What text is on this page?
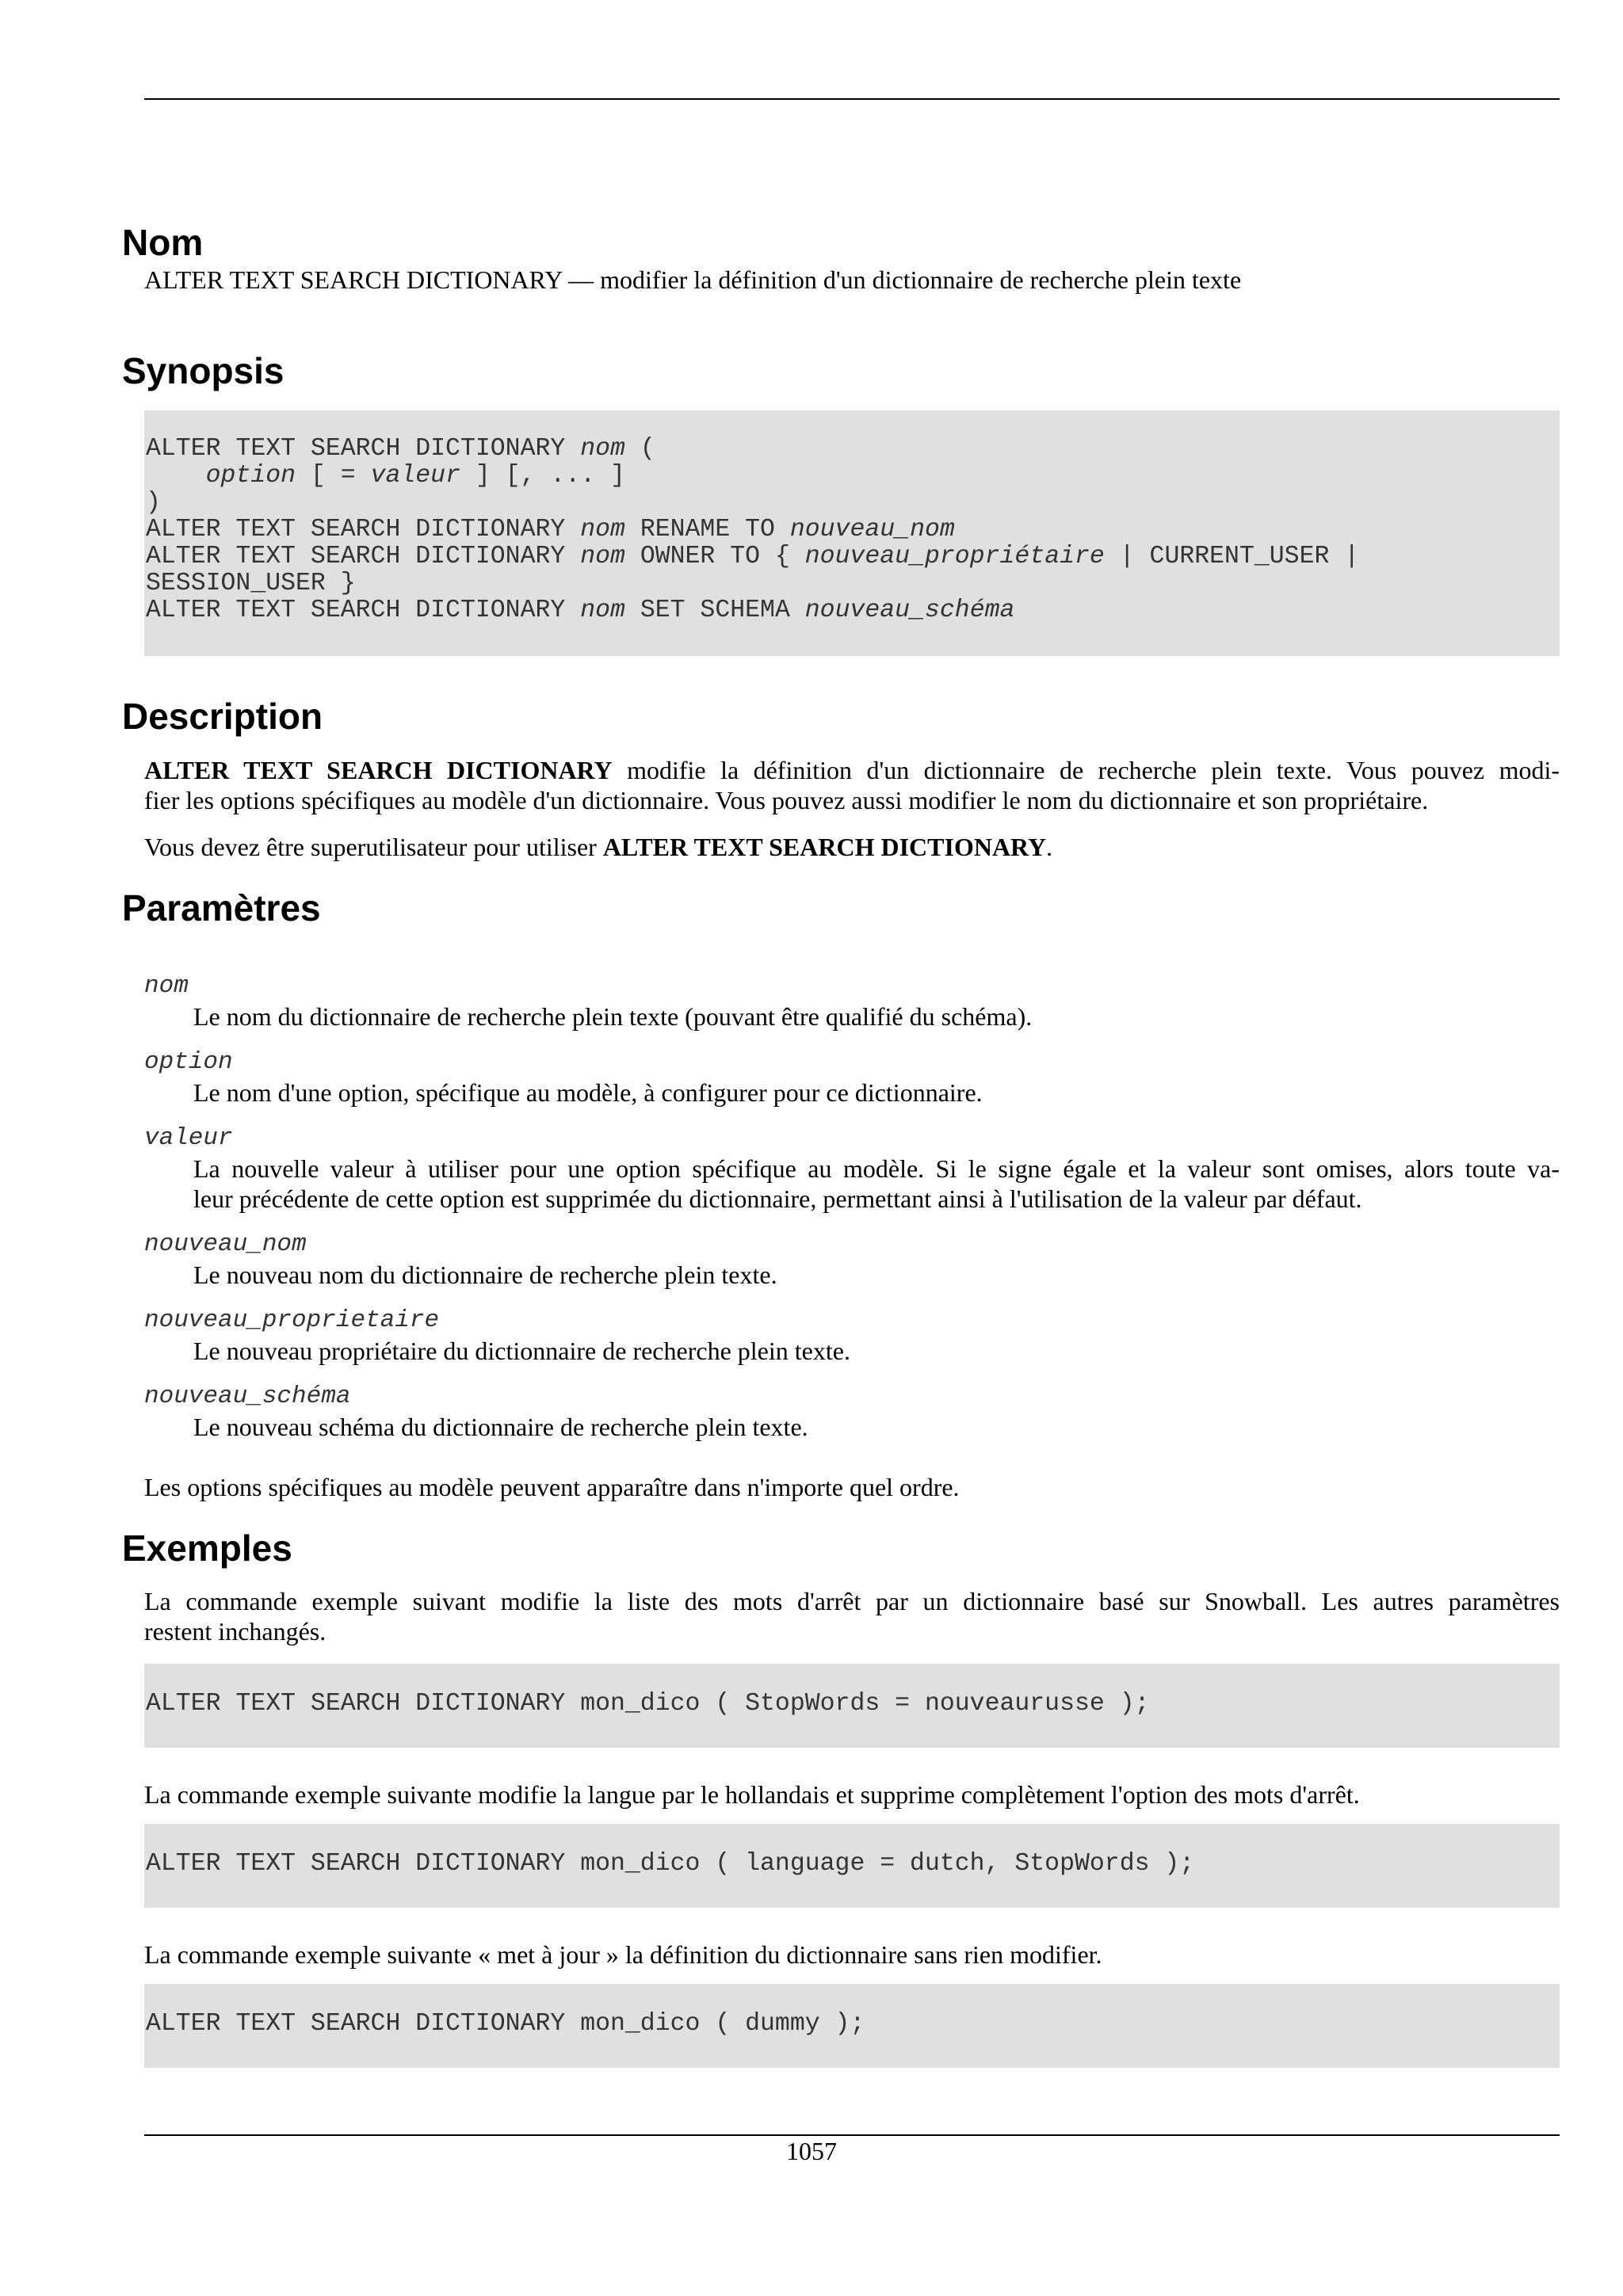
Nom

ALTER TEXT SEARCH DICTIONARY — modifier la définition d'un dictionnaire de recherche plein texte

Synopsis
ALTER TEXT SEARCH DICTIONARY nom (
option [ = valeur ] [, ... ]
)
ALTER TEXT SEARCH DICTIONARY nom RENAME TO nouveau_nom
ALTER TEXT SEARCH DICTIONARY nom OWNER TO { nouveau_propriétaire | CURRENT_USER |
SESSION_USER }
ALTER TEXT SEARCH DICTIONARY nom SET SCHEMA nouveau_schéma
Description

ALTER TEXT SEARCH DICTIONARY modifie la définition d'un dictionnaire de recherche plein texte. Vous pouvez modi-
fier les options spécifiques au modèle d'un dictionnaire. Vous pouvez aussi modifier le nom du dictionnaire et son propriétaire.

Vous devez être superutilisateur pour utiliser ALTER TEXT SEARCH DICTIONARY.

Paramètres
nom
Le nom du dictionnaire de recherche plein texte (pouvant être qualifié du schéma).
option
Le nom d'une option, spécifique au modèle, à configurer pour ce dictionnaire.
valeur
La nouvelle valeur à utiliser pour une option spécifique au modèle. Si le signe égale et la valeur sont omises, alors toute va-
leur précédente de cette option est supprimée du dictionnaire, permettant ainsi à l'utilisation de la valeur par défaut.
nouveau_nom
Le nouveau nom du dictionnaire de recherche plein texte.
nouveau_proprietaire
Le nouveau propriétaire du dictionnaire de recherche plein texte.
nouveau_schéma
Le nouveau schéma du dictionnaire de recherche plein texte.

Les options spécifiques au modèle peuvent apparaître dans n'importe quel ordre.

Exemples

La commande exemple suivant modifie la liste des mots d'arrêt par un dictionnaire basé sur Snowball. Les autres paramètres
restent inchangés.

ALTER TEXT SEARCH DICTIONARY mon_dico ( StopWords = nouveaurusse );

La commande exemple suivante modifie la langue par le hollandais et supprime complètement l'option des mots d'arrêt.

ALTER TEXT SEARCH DICTIONARY mon_dico ( language = dutch, StopWords );

La commande exemple suivante « met à jour » la définition du dictionnaire sans rien modifier.

ALTER TEXT SEARCH DICTIONARY mon_dico ( dummy );
1057
